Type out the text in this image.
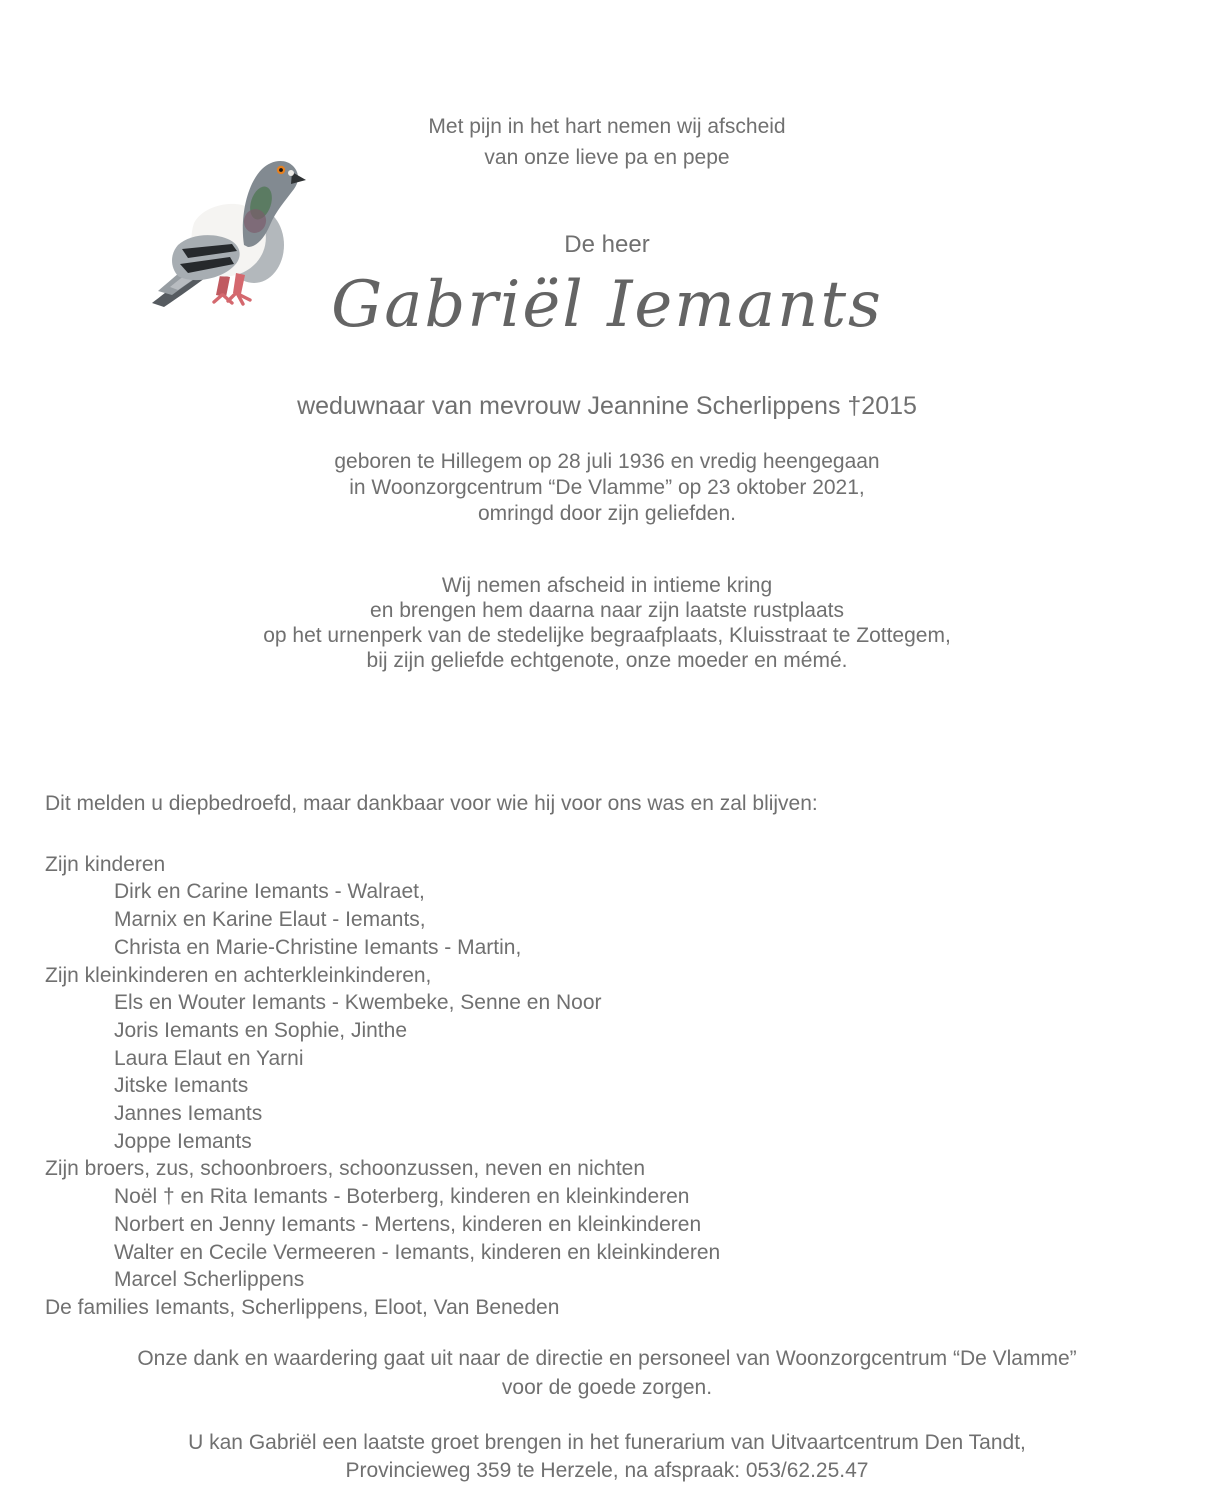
Met pijn in het hart nemen wij afscheid
van onze lieve pa en pepe
De heer
Gabriël Iemants
weduwnaar van mevrouw Jeannine Scherlippens †2015
geboren te Hillegem op 28 juli 1936 en vredig heengegaan
in Woonzorgcentrum “De Vlamme” op 23 oktober 2021,
omringd door zijn geliefden.
Wij nemen afscheid in intieme kring
en brengen hem daarna naar zijn laatste rustplaats
op het urnenperk van de stedelijke begraafplaats, Kluisstraat te Zottegem,
bij zijn geliefde echtgenote, onze moeder en mémé.
Dit melden u diepbedroefd, maar dankbaar voor wie hij voor ons was en zal blijven:
Zijn kinderen
Dirk en Carine Iemants - Walraet,
Marnix en Karine Elaut - Iemants,
Christa en Marie-Christine Iemants - Martin,
Zijn kleinkinderen en achterkleinkinderen,
Els en Wouter Iemants - Kwembeke, Senne en Noor
Joris Iemants en Sophie, Jinthe
Laura Elaut en Yarni
Jitske Iemants
Jannes Iemants
Joppe Iemants
Zijn broers, zus, schoonbroers, schoonzussen, neven en nichten
Noël † en Rita Iemants - Boterberg, kinderen en kleinkinderen
Norbert en Jenny Iemants - Mertens, kinderen en kleinkinderen
Walter en Cecile Vermeeren - Iemants, kinderen en kleinkinderen
Marcel Scherlippens
De families Iemants, Scherlippens, Eloot, Van Beneden
Onze dank en waardering gaat uit naar de directie en personeel van Woonzorgcentrum “De Vlamme”
voor de goede zorgen.
U kan Gabriël een laatste groet brengen in het funerarium van Uitvaartcentrum Den Tandt,
Provincieweg 359 te Herzele, na afspraak: 053/62.25.47
